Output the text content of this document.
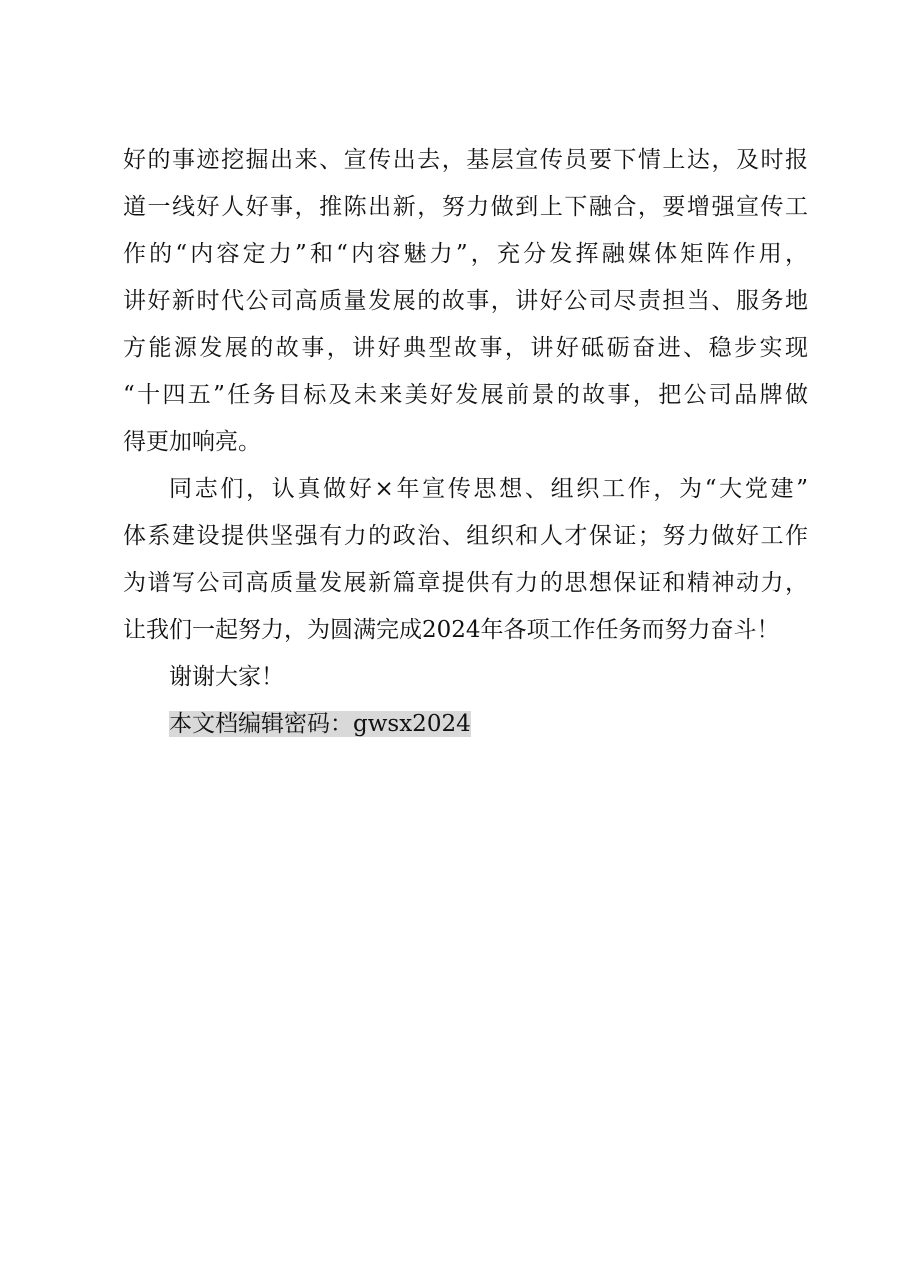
好的事迹挖掘出来、宣传出去，基层宣传员要下情上达，及时报
道一线好人好事，推陈出新，努力做到上下融合，要增强宣传工
作的“内容定力”和“内容魅力”，充分发挥融媒体矩阵作用，
讲好新时代公司高质量发展的故事，讲好公司尽责担当、服务地
方能源发展的故事，讲好典型故事，讲好砥砺奋进、稳步实现
“十四五”任务目标及未来美好发展前景的故事，把公司品牌做
得更加响亮。
同志们，认真做好×年宣传思想、组织工作，为“大党建”
体系建设提供坚强有力的政治、组织和人才保证；努力做好工作
为谱写公司高质量发展新篇章提供有力的思想保证和精神动力，
让我们一起努力，为圆满完成2024年各项工作任务而努力奋斗！
谢谢大家！
本文档编辑密码：gwsx2024
